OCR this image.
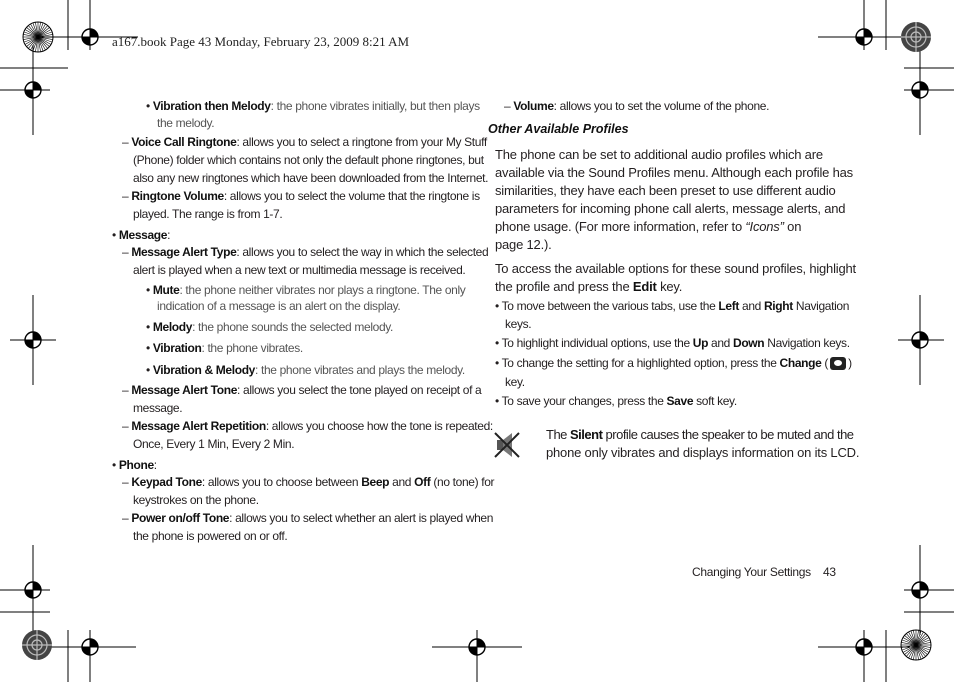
a167.book Page 43 Monday, February 23, 2009 8:21 AM
• Vibration then Melody: the phone vibrates initially, but then plays
the melody.
– Voice Call Ringtone: allows you to select a ringtone from your My Stuff
(Phone) folder which contains not only the default phone ringtones, but
also any new ringtones which have been downloaded from the Internet.
– Ringtone Volume: allows you to select the volume that the ringtone is
played. The range is from 1-7.
• Message:
– Message Alert Type: allows you to select the way in which the selected
alert is played when a new text or multimedia message is received.
• Mute: the phone neither vibrates nor plays a ringtone. The only
indication of a message is an alert on the display.
• Melody: the phone sounds the selected melody.
• Vibration: the phone vibrates.
• Vibration & Melody: the phone vibrates and plays the melody.
– Message Alert Tone: allows you select the tone played on receipt of a
message.
– Message Alert Repetition: allows you choose how the tone is repeated:
Once, Every 1 Min, Every 2 Min.
• Phone:
– Keypad Tone: allows you to choose between Beep and Off (no tone) for
keystrokes on the phone.
– Power on/off Tone: allows you to select whether an alert is played when
the phone is powered on or off.
– Volume: allows you to set the volume of the phone.
Other Available Profiles
The phone can be set to additional audio profiles which are
available via the Sound Profiles menu. Although each profile has
similarities, they have each been preset to use different audio
parameters for incoming phone call alerts, message alerts, and
phone usage. (For more information, refer to “Icons” on
page 12.).
To access the available options for these sound profiles, highlight
the profile and press the Edit key.
• To move between the various tabs, use the Left and Right Navigation
keys.
• To highlight individual options, use the Up and Down Navigation keys.
• To change the setting for a highlighted option, press the Change ( )
key.
• To save your changes, press the Save soft key.
The Silent profile causes the speaker to be muted and the
phone only vibrates and displays information on its LCD.
Changing Your Settings 43
